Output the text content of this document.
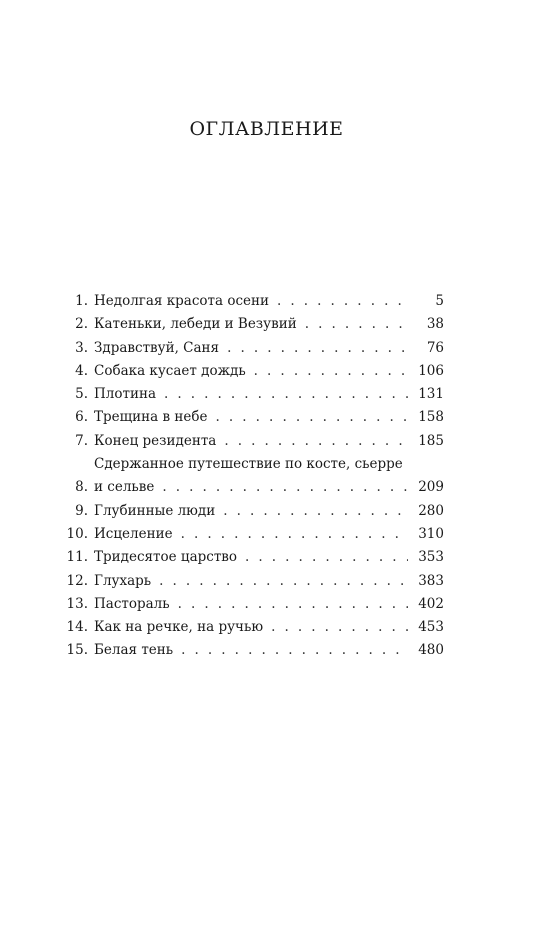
ОГЛАВЛЕНИЕ
1. Недолгая красота осени . . .	5
2. Катеньки, лебеди и Везувий . . .	38
3. Здравствуй, Саня . . .	76
4. Собака кусает дождь . . .	106
5. Плотина . . .	131
6. Трещина в небе . . .	158
7. Конец резидента . . .	185
8.
Сдержанное путешествие по косте, сьерре
и сельве . . .	209
9. Глубинные люди . . .	280
10. Исцеление . . .	310
11. Тридесятое царство . . .	353
12. Глухарь . . .	383
13. Пастораль . . .	402
14. Как на речке, на ручью . . .	453
15. Белая тень . . .	480
